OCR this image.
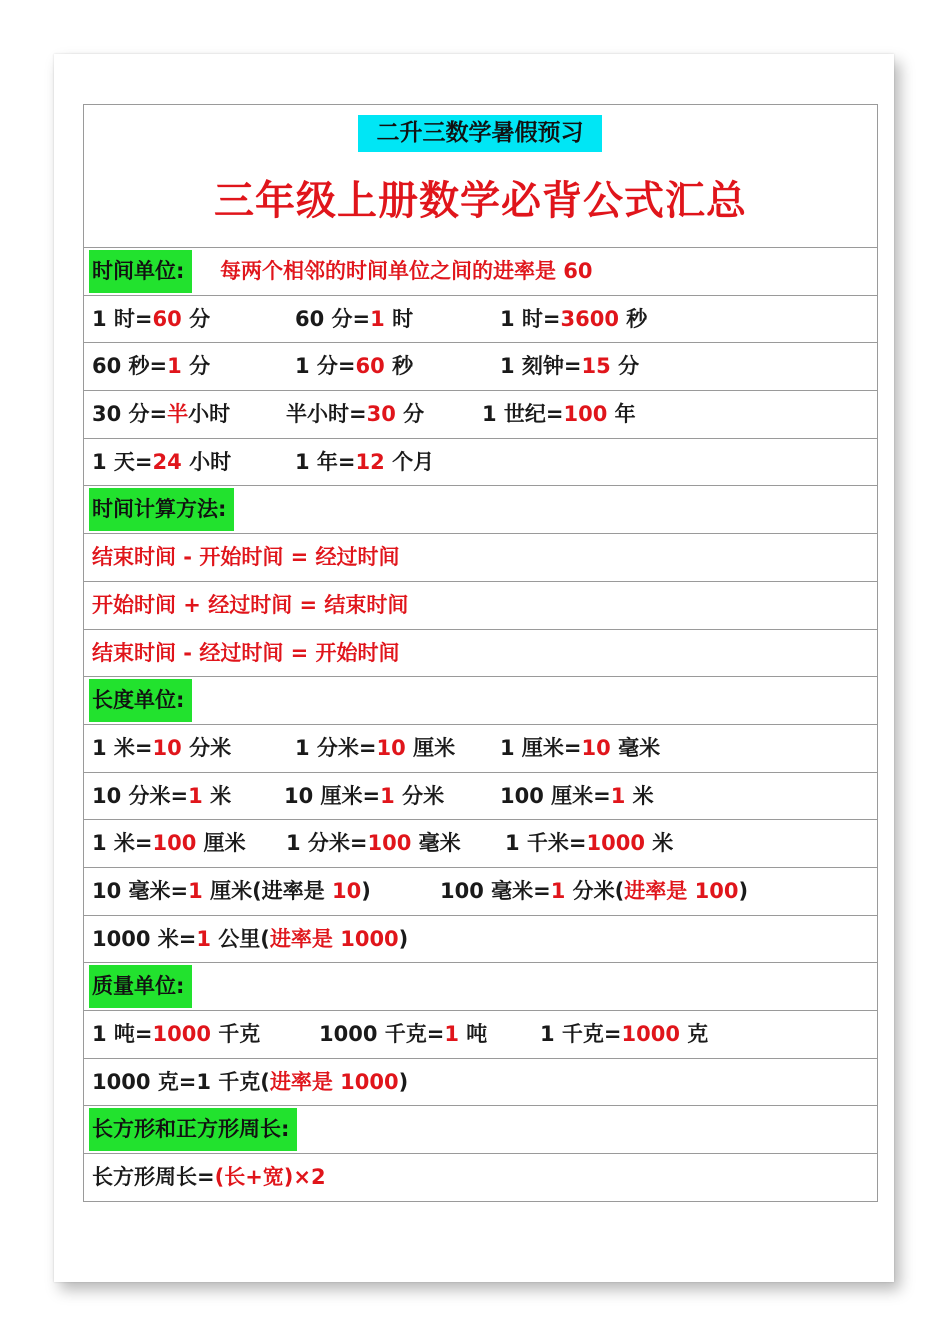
二升三数学暑假预习
三年级上册数学必背公式汇总
时间单位:	每两个相邻的时间单位之间的进率是 60
1 时=60 分	60 分=1 时	1 时=3600 秒
60 秒=1 分	1 分=60 秒	1 刻钟=15 分
30 分=半小时	半小时=30 分	1 世纪=100 年
1 天=24 小时	1 年=12 个月
时间计算方法:
结束时间 - 开始时间 = 经过时间
开始时间 + 经过时间 = 结束时间
结束时间 - 经过时间 = 开始时间
长度单位:
1 米=10 分米	1 分米=10 厘米 1 厘米=10 毫米
10 分米=1 米	10 厘米=1 分米	100 厘米=1 米
1 米=100 厘米 1 分米=100 毫米 1 千米=1000 米
10 毫米=1 厘米(进率是 10)	100 毫米=1 分米(进率是 100)
1000 米=1 公里(进率是 1000)
质量单位:
1 吨=1000 千克	1000 千克=1 吨	1 千克=1000 克
1000 克=1 千克(进率是 1000)
长方形和正方形周长:
长方形周长=(长+宽)×2
